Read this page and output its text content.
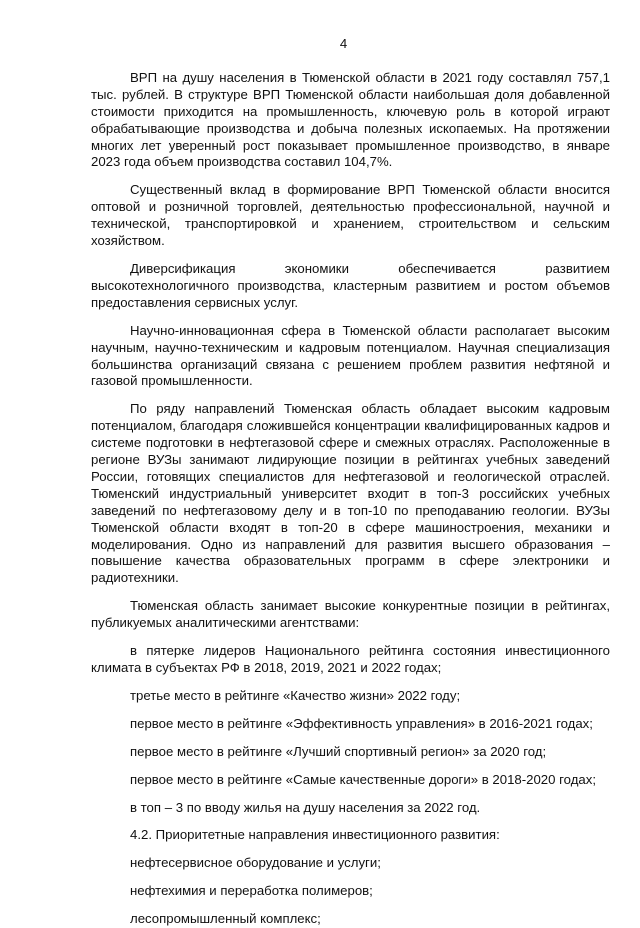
4

ВРП на душу населения в Тюменской области в 2021 году составлял 757,1 тыс. рублей. В структуре ВРП Тюменской области наибольшая доля добавленной стоимости приходится на промышленность, ключевую роль в которой играют обрабатывающие производства и добыча полезных ископаемых. На протяжении многих лет уверенный рост показывает промышленное производство, в январе 2023 года объем производства составил 104,7%.

Существенный вклад в формирование ВРП Тюменской области вносится оптовой и розничной торговлей, деятельностью профессиональной, научной и технической, транспортировкой и хранением, строительством и сельским хозяйством.

Диверсификация экономики обеспечивается развитием высокотехнологичного производства, кластерным развитием и ростом объемов предоставления сервисных услуг.

Научно-инновационная сфера в Тюменской области располагает высоким научным, научно-техническим и кадровым потенциалом. Научная специализация большинства организаций связана с решением проблем развития нефтяной и газовой промышленности.

По ряду направлений Тюменская область обладает высоким кадровым потенциалом, благодаря сложившейся концентрации квалифицированных кадров и системе подготовки в нефтегазовой сфере и смежных отраслях. Расположенные в регионе ВУЗы занимают лидирующие позиции в рейтингах учебных заведений России, готовящих специалистов для нефтегазовой и геологической отраслей. Тюменский индустриальный университет входит в топ-3 российских учебных заведений по нефтегазовому делу и в топ-10 по преподаванию геологии. ВУЗы Тюменской области входят в топ-20 в сфере машиностроения, механики и моделирования. Одно из направлений для развития высшего образования – повышение качества образовательных программ в сфере электроники и радиотехники.

Тюменская область занимает высокие конкурентные позиции в рейтингах, публикуемых аналитическими агентствами:

в пятерке лидеров Национального рейтинга состояния инвестиционного климата в субъектах РФ в 2018, 2019, 2021 и 2022 годах;

третье место в рейтинге «Качество жизни» 2022 году;

первое место в рейтинге «Эффективность управления» в 2016-2021 годах;

первое место в рейтинге «Лучший спортивный регион» за 2020 год;

первое место в рейтинге «Самые качественные дороги» в 2018-2020 годах;

в топ – 3 по вводу жилья на душу населения за 2022 год.

4.2. Приоритетные направления инвестиционного развития:

нефтесервисное оборудование и услуги;

нефтехимия и переработка полимеров;

лесопромышленный комплекс;
